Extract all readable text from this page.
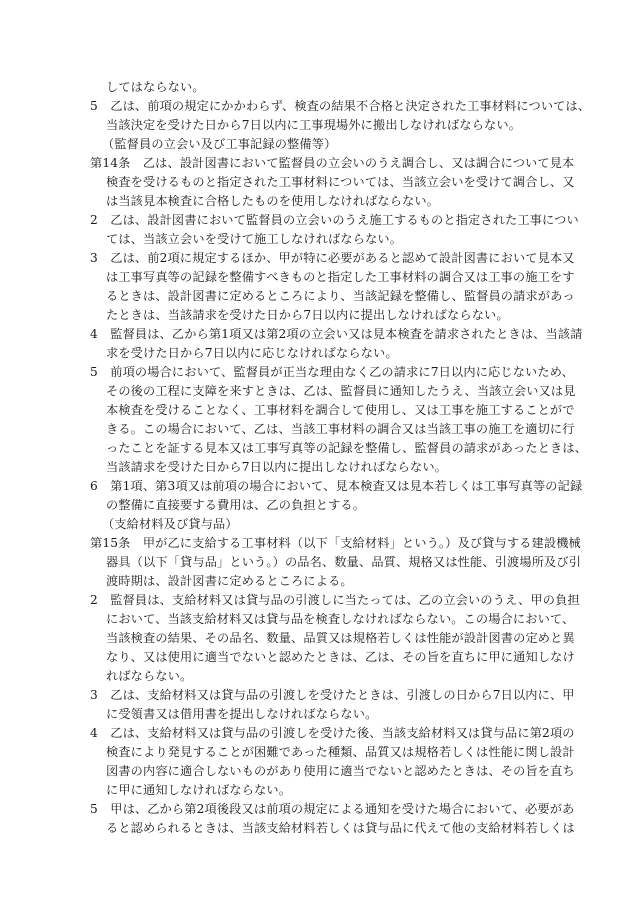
してはならない。
5　乙は、前項の規定にかかわらず、検査の結果不合格と決定された工事材料については、
当該決定を受けた日から7日以内に工事現場外に搬出しなければならない。
（監督員の立会い及び工事記録の整備等）
第14条　乙は、設計図書において監督員の立会いのうえ調合し、又は調合について見本
検査を受けるものと指定された工事材料については、当該立会いを受けて調合し、又
は当該見本検査に合格したものを使用しなければならない。
2　乙は、設計図書において監督員の立会いのうえ施工するものと指定された工事につい
ては、当該立会いを受けて施工しなければならない。
3　乙は、前2項に規定するほか、甲が特に必要があると認めて設計図書において見本又
は工事写真等の記録を整備すべきものと指定した工事材料の調合又は工事の施工をす
るときは、設計図書に定めるところにより、当該記録を整備し、監督員の請求があっ
たときは、当該請求を受けた日から7日以内に提出しなければならない。
4　監督員は、乙から第1項又は第2項の立会い又は見本検査を請求されたときは、当該請
求を受けた日から7日以内に応じなければならない。
5　前項の場合において、監督員が正当な理由なく乙の請求に7日以内に応じないため、
その後の工程に支障を来すときは、乙は、監督員に通知したうえ、当該立会い又は見
本検査を受けることなく、工事材料を調合して使用し、又は工事を施工することがで
きる。この場合において、乙は、当該工事材料の調合又は当該工事の施工を適切に行
ったことを証する見本又は工事写真等の記録を整備し、監督員の請求があったときは、
当該請求を受けた日から7日以内に提出しなければならない。
6　第1項、第3項又は前項の場合において、見本検査又は見本若しくは工事写真等の記録
の整備に直接要する費用は、乙の負担とする。
（支給材料及び貸与品）
第15条　甲が乙に支給する工事材料（以下「支給材料」という。）及び貸与する建設機械
器具（以下「貸与品」という。）の品名、数量、品質、規格又は性能、引渡場所及び引
渡時期は、設計図書に定めるところによる。
2　監督員は、支給材料又は貸与品の引渡しに当たっては、乙の立会いのうえ、甲の負担
において、当該支給材料又は貸与品を検査しなければならない。この場合において、
当該検査の結果、その品名、数量、品質又は規格若しくは性能が設計図書の定めと異
なり、又は使用に適当でないと認めたときは、乙は、その旨を直ちに甲に通知しなけ
ればならない。
3　乙は、支給材料又は貸与品の引渡しを受けたときは、引渡しの日から7日以内に、甲
に受領書又は借用書を提出しなければならない。
4　乙は、支給材料又は貸与品の引渡しを受けた後、当該支給材料又は貸与品に第2項の
検査により発見することが困難であった種類、品質又は規格若しくは性能に関し設計
図書の内容に適合しないものがあり使用に適当でないと認めたときは、その旨を直ち
に甲に通知しなければならない。
5　甲は、乙から第2項後段又は前項の規定による通知を受けた場合において、必要があ
ると認められるときは、当該支給材料若しくは貸与品に代えて他の支給材料若しくは
